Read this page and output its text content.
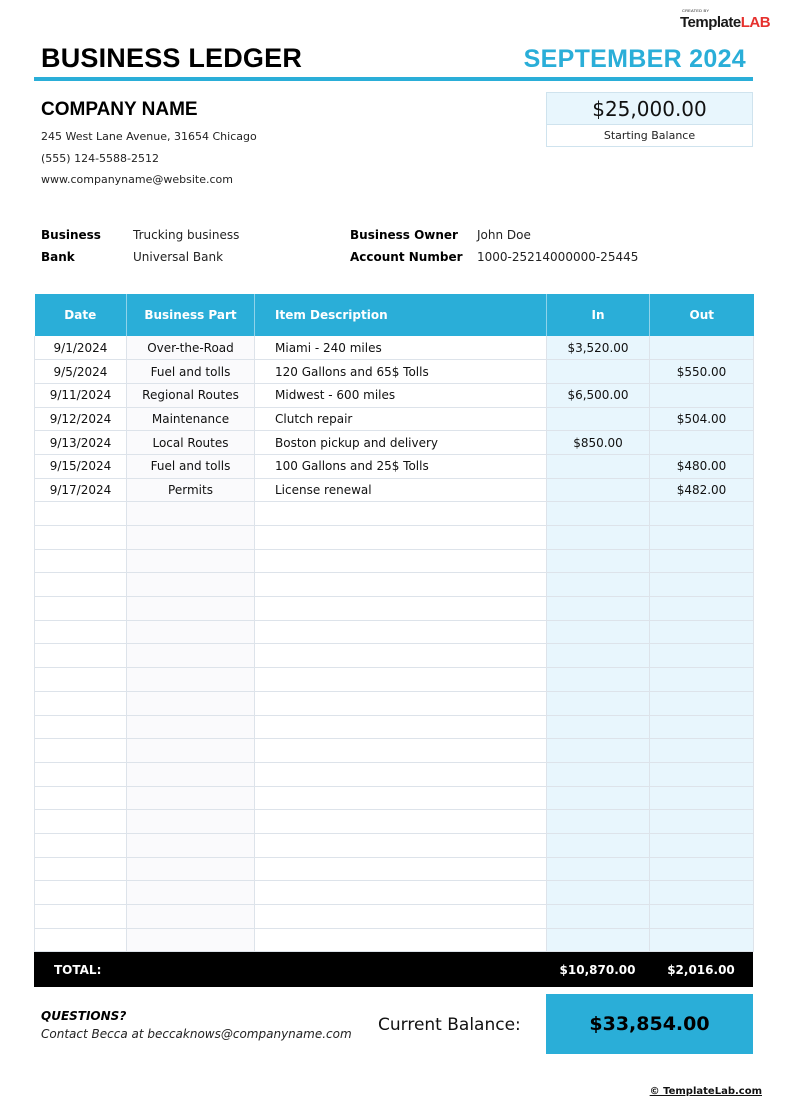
CREATED BY
TemplateLAB
BUSINESS LEDGER	SEPTEMBER 2024
COMPANY NAME
245 West Lane Avenue, 31654 Chicago
(555) 124-5588-2512
www.companyname@website.com
$25,000.00
Starting Balance
Business	Trucking business
Bank	Universal Bank
Business Owner John Doe
Account Number 1000-25214000000-25445
Date	Business Part	Item Description	In	Out
9/1/2024	Over-the-Road	Miami - 240 miles	$3,520.00	
9/5/2024	Fuel and tolls	120 Gallons and 65$ Tolls		$550.00
9/11/2024	Regional Routes	Midwest - 600 miles	$6,500.00	
9/12/2024	Maintenance	Clutch repair		$504.00
9/13/2024	Local Routes	Boston pickup and delivery	$850.00	
9/15/2024	Fuel and tolls	100 Gallons and 25$ Tolls		$480.00
9/17/2024	Permits	License renewal		$482.00

TOTAL:	$10,870.00	$2,016.00
QUESTIONS?
Contact Becca at beccaknows@companyname.com Current Balance:	$33,854.00
© TemplateLab.com
